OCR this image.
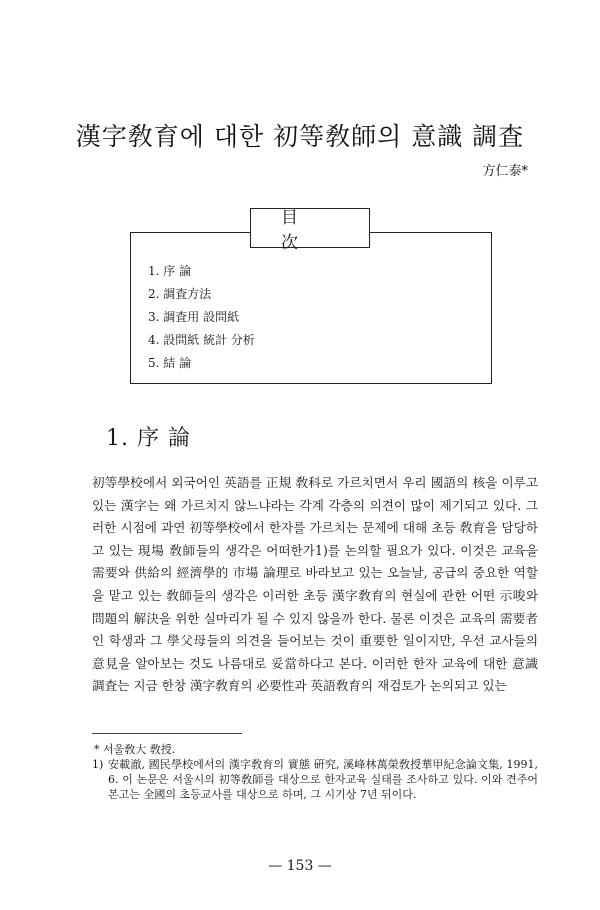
漢字敎育에 대한 初等敎師의 意識 調査
方仁泰*
目 次
1. 序 論
2. 調査方法
3. 調査用 設問紙
4. 設問紙 統計 分析
5. 結 論
1. 序 論

初等學校에서 외국어인 英語를 正規 敎科로 가르치면서 우리 國語의 核을 이루고 있는 漢字는 왜 가르치지 않느냐라는 각계 각층의 의견이 많이 제기되고 있다. 그러한 시점에 과연 初等學校에서 한자를 가르치는 문제에 대해 초등 敎育을 담당하고 있는 現場 敎師들의 생각은 어떠한가1)를 논의할 필요가 있다. 이것은 교육을 需要와 供給의 經濟學的 市場 論理로 바라보고 있는 오늘날, 공급의 중요한 역할을 맡고 있는 敎師들의 생각은 이러한 초등 漢字敎育의 현실에 관한 어떤 示唆와 問題의 解決을 위한 실마리가 될 수 있지 않을까 한다. 물론 이것은 교육의 需要者인 학생과 그 學父母들의 의견을 들어보는 것이 重要한 일이지만, 우선 교사들의 意見을 알아보는 것도 나름대로 妥當하다고 본다. 이러한 한자 교육에 대한 意識 調査는 지금 한창 漢字敎育의 必要性과 英語敎育의 재검토가 논의되고 있는

* 서울敎大 敎授.
1) 安載澈, 國民學校에서의 漢字敎育의 實態 硏究, 溪峰林萬榮敎授華甲紀念論文集, 1991, 6. 이 논문은 서울시의 初等敎師를 대상으로 한자교육 실태를 조사하고 있다. 이와 견주어 본고는 全國의 초등교사를 대상으로 하며, 그 시기상 7년 뒤이다.
— 153 —
